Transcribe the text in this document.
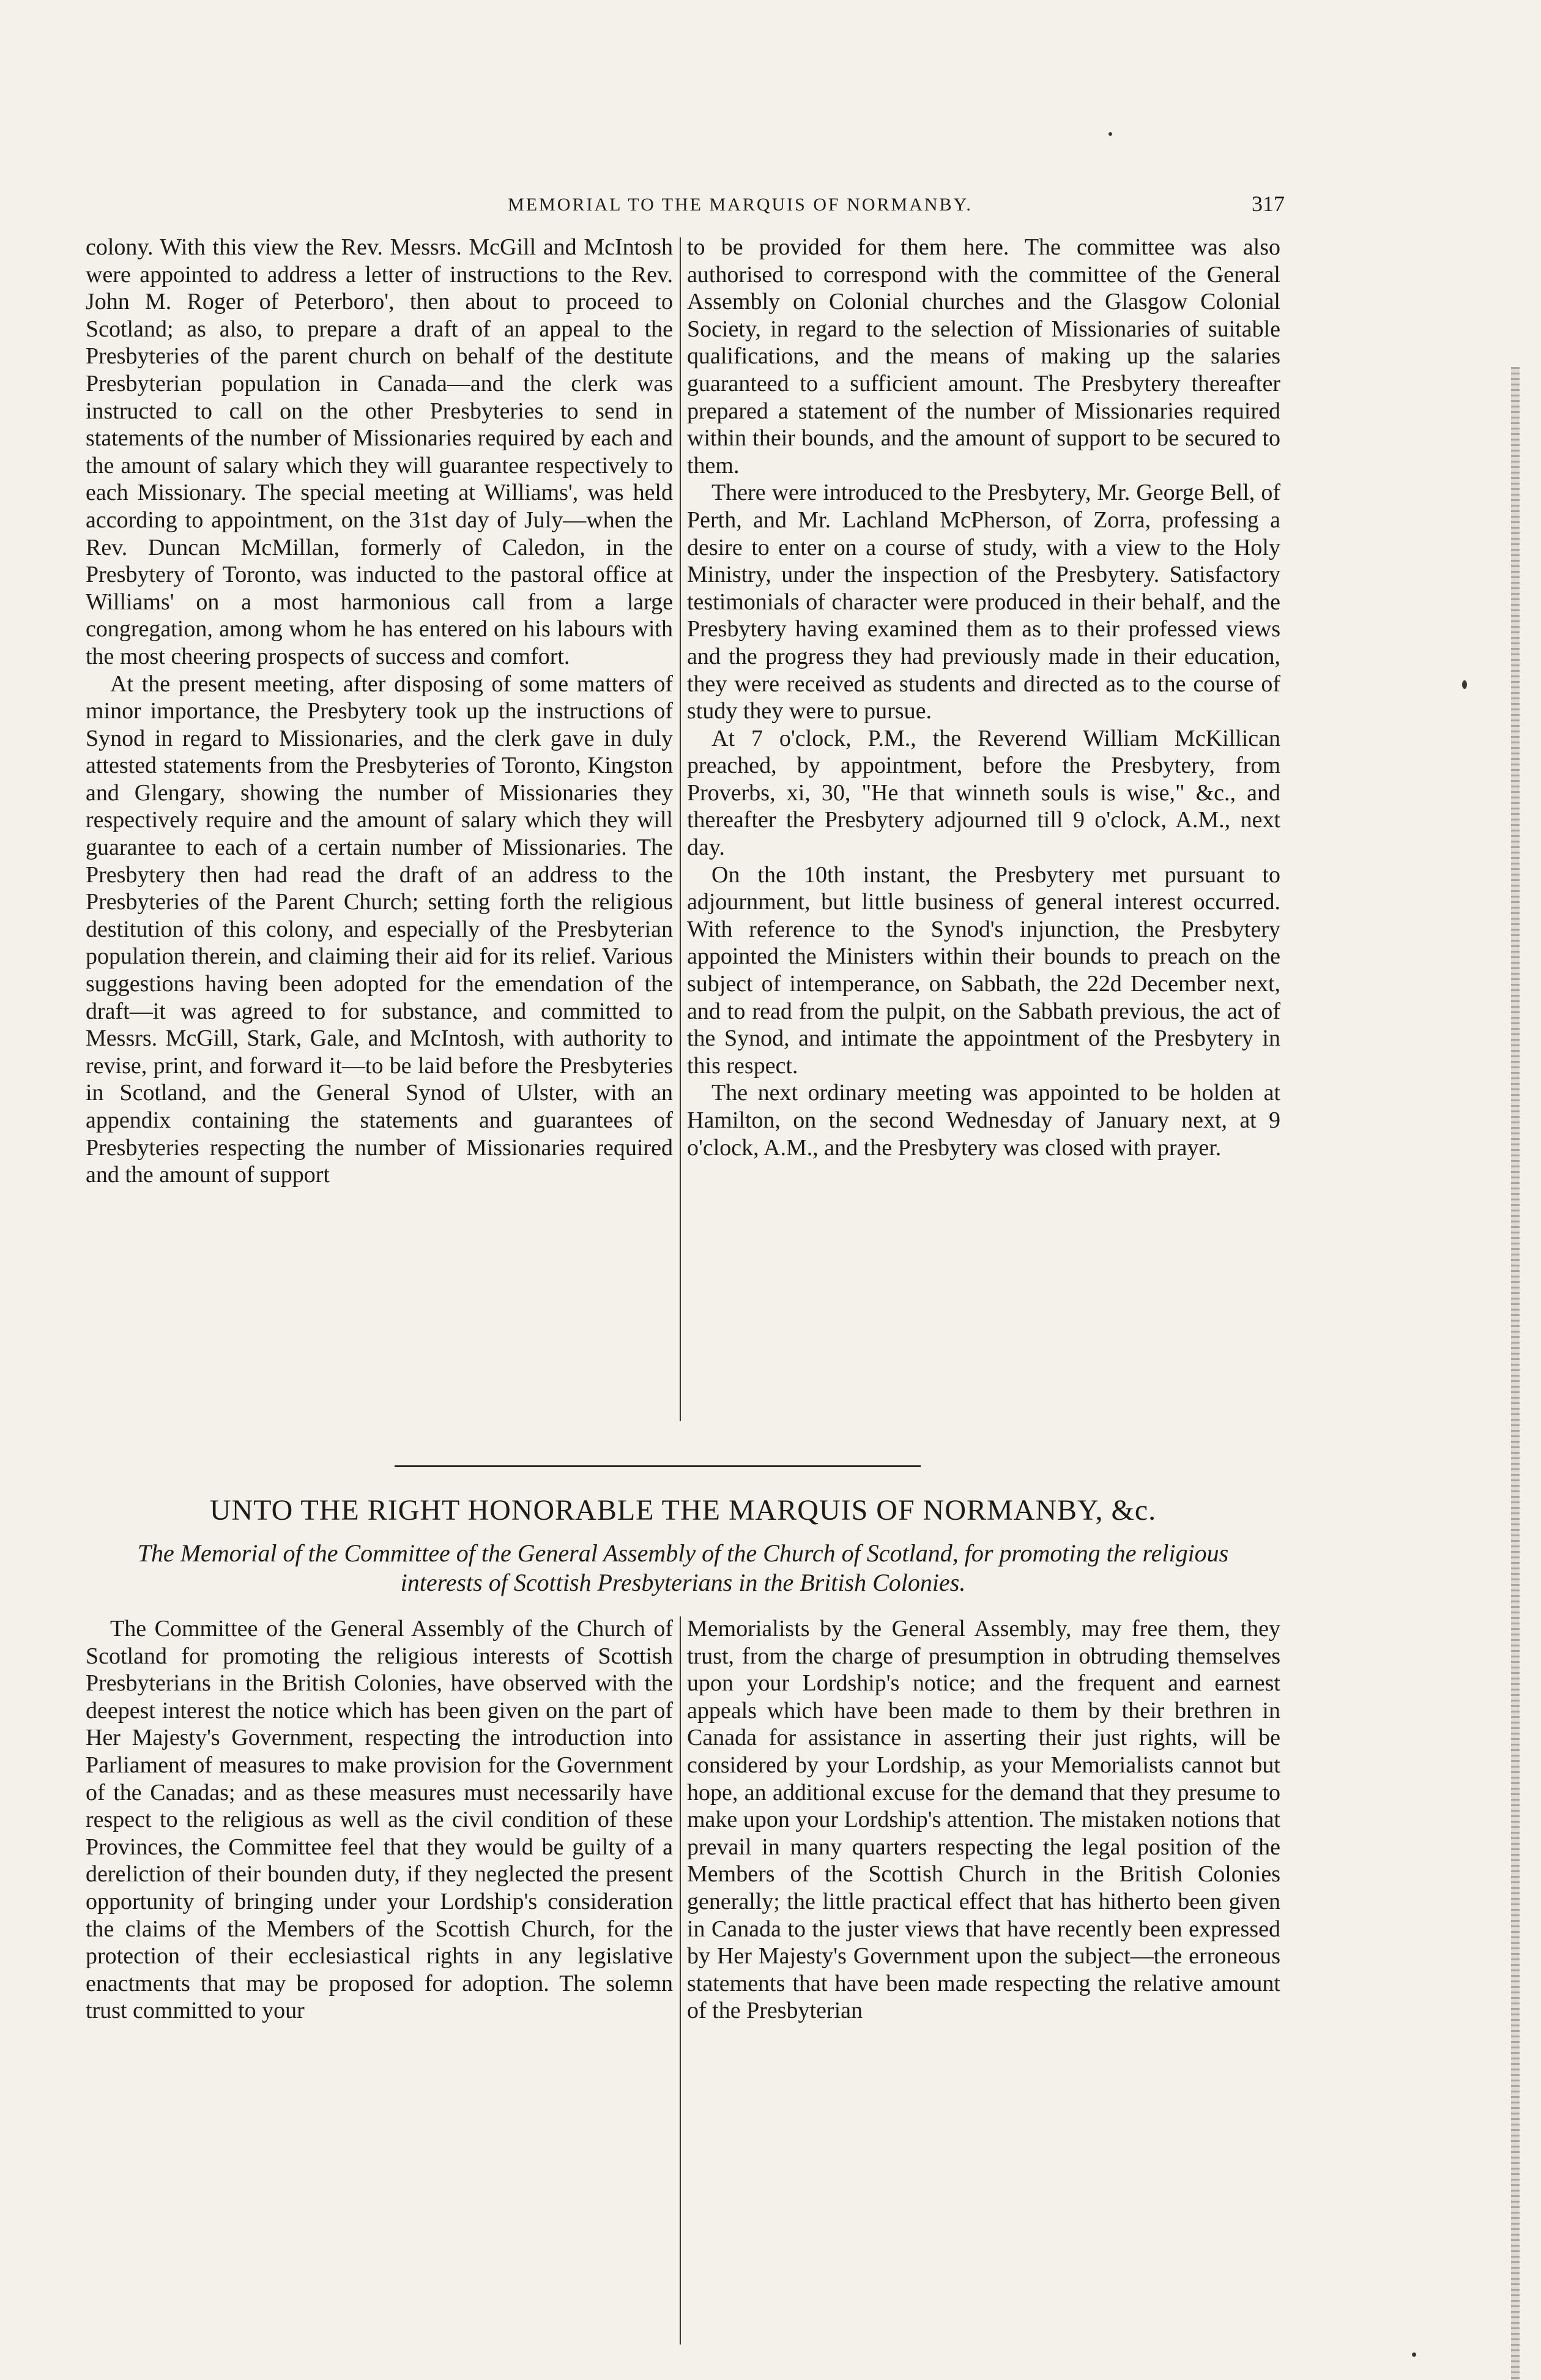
MEMORIAL TO THE MARQUIS OF NORMANBY.	317

colony. With this view the Rev. Messrs. McGill and McIntosh were appointed to address a letter of instructions to the Rev. John M. Roger of Peterboro', then about to proceed to Scotland; as also, to prepare a draft of an appeal to the Presbyteries of the parent church on behalf of the destitute Presbyterian population in Canada—and the clerk was instructed to call on the other Presbyteries to send in statements of the number of Missionaries required by each and the amount of salary which they will guarantee respectively to each Missionary. The special meeting at Williams', was held according to appointment, on the 31st day of July—when the Rev. Duncan McMillan, formerly of Caledon, in the Presbytery of Toronto, was inducted to the pastoral office at Williams' on a most harmonious call from a large congregation, among whom he has entered on his labours with the most cheering prospects of success and comfort.

At the present meeting, after disposing of some matters of minor importance, the Presbytery took up the instructions of Synod in regard to Missionaries, and the clerk gave in duly attested statements from the Presbyteries of Toronto, Kingston and Glengary, showing the number of Missionaries they respectively require and the amount of salary which they will guarantee to each of a certain number of Missionaries. The Presbytery then had read the draft of an address to the Presbyteries of the Parent Church; setting forth the religious destitution of this colony, and especially of the Presbyterian population therein, and claiming their aid for its relief. Various suggestions having been adopted for the emendation of the draft—it was agreed to for substance, and committed to Messrs. McGill, Stark, Gale, and McIntosh, with authority to revise, print, and forward it—to be laid before the Presbyteries in Scotland, and the General Synod of Ulster, with an appendix containing the statements and guarantees of Presbyteries respecting the number of Missionaries required and the amount of support

to be provided for them here. The committee was also authorised to correspond with the committee of the General Assembly on Colonial churches and the Glasgow Colonial Society, in regard to the selection of Missionaries of suitable qualifications, and the means of making up the salaries guaranteed to a sufficient amount. The Presbytery thereafter prepared a statement of the number of Missionaries required within their bounds, and the amount of support to be secured to them.

There were introduced to the Presbytery, Mr. George Bell, of Perth, and Mr. Lachland McPherson, of Zorra, professing a desire to enter on a course of study, with a view to the Holy Ministry, under the inspection of the Presbytery. Satisfactory testimonials of character were produced in their behalf, and the Presbytery having examined them as to their professed views and the progress they had previously made in their education, they were received as students and directed as to the course of study they were to pursue.

At 7 o'clock, P.M., the Reverend William McKillican preached, by appointment, before the Presbytery, from Proverbs, xi, 30, "He that winneth souls is wise," &c., and thereafter the Presbytery adjourned till 9 o'clock, A.M., next day.

On the 10th instant, the Presbytery met pursuant to adjournment, but little business of general interest occurred. With reference to the Synod's injunction, the Presbytery appointed the Ministers within their bounds to preach on the subject of intemperance, on Sabbath, the 22d December next, and to read from the pulpit, on the Sabbath previous, the act of the Synod, and intimate the appointment of the Presbytery in this respect.

The next ordinary meeting was appointed to be holden at Hamilton, on the second Wednesday of January next, at 9 o'clock, A.M., and the Presbytery was closed with prayer.

UNTO THE RIGHT HONORABLE THE MARQUIS OF NORMANBY, &c.
The Memorial of the Committee of the General Assembly of the Church of Scotland, for promoting the religious interests of Scottish Presbyterians in the British Colonies.

The Committee of the General Assembly of the Church of Scotland for promoting the religious interests of Scottish Presbyterians in the British Colonies, have observed with the deepest interest the notice which has been given on the part of Her Majesty's Government, respecting the introduction into Parliament of measures to make provision for the Government of the Canadas; and as these measures must necessarily have respect to the religious as well as the civil condition of these Provinces, the Committee feel that they would be guilty of a dereliction of their bounden duty, if they neglected the present opportunity of bringing under your Lordship's consideration the claims of the Members of the Scottish Church, for the protection of their ecclesiastical rights in any legislative enactments that may be proposed for adoption. The solemn trust committed to your

Memorialists by the General Assembly, may free them, they trust, from the charge of presumption in obtruding themselves upon your Lordship's notice; and the frequent and earnest appeals which have been made to them by their brethren in Canada for assistance in asserting their just rights, will be considered by your Lordship, as your Memorialists cannot but hope, an additional excuse for the demand that they presume to make upon your Lordship's attention. The mistaken notions that prevail in many quarters respecting the legal position of the Members of the Scottish Church in the British Colonies generally; the little practical effect that has hitherto been given in Canada to the juster views that have recently been expressed by Her Majesty's Government upon the subject—the erroneous statements that have been made respecting the relative amount of the Presbyterian
